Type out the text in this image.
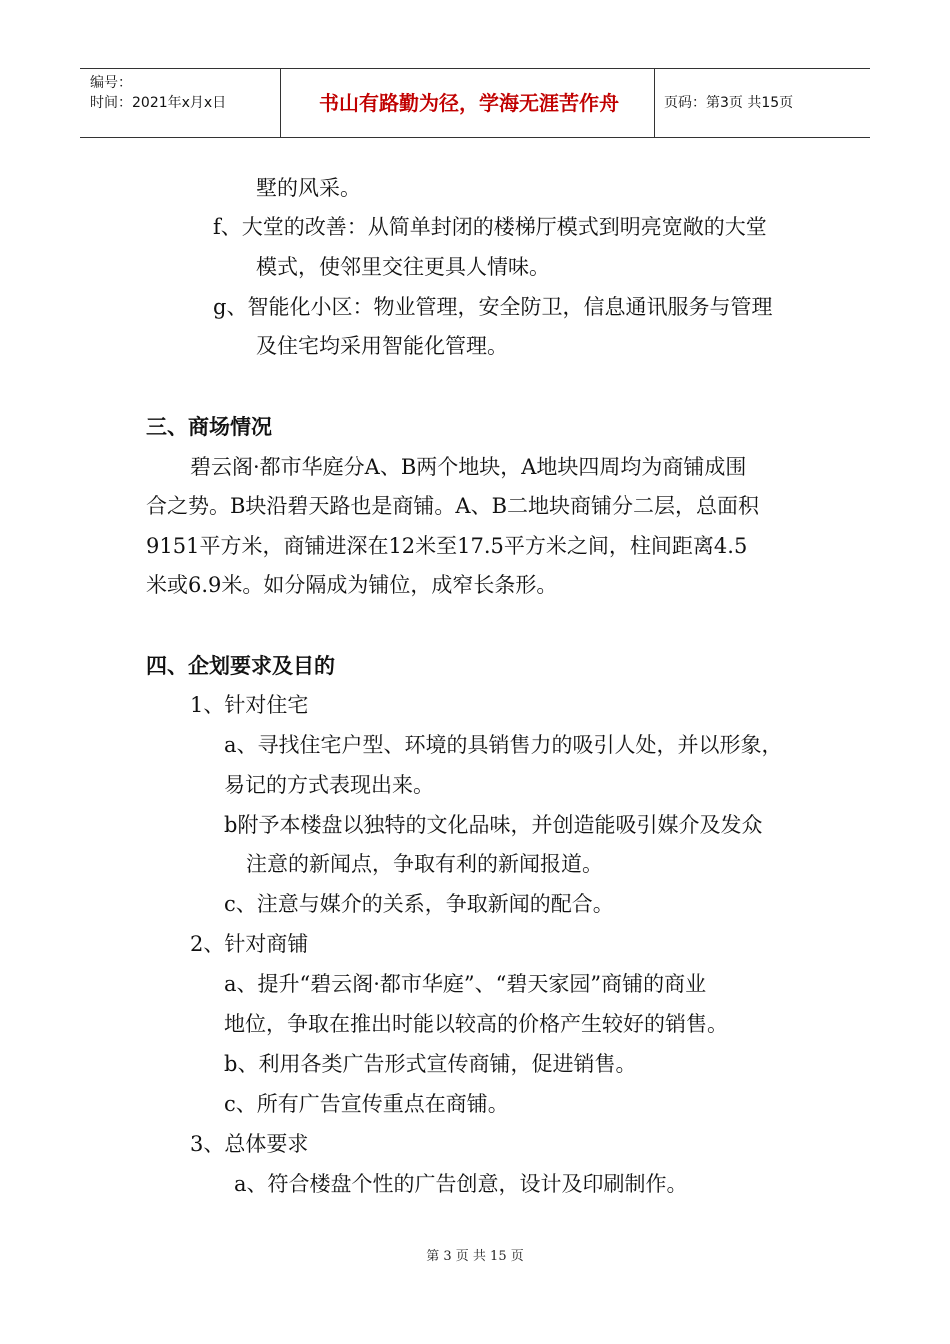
编号：
时间：2021年x月x日	书山有路勤为径，学海无涯苦作舟	页码：第3页 共15页
墅的风采。
f、大堂的改善：从简单封闭的楼梯厅模式到明亮宽敞的大堂
模式，使邻里交往更具人情味。
g、智能化小区：物业管理，安全防卫，信息通讯服务与管理
及住宅均采用智能化管理。
三、商场情况
碧云阁·都市华庭分A、B两个地块，A地块四周均为商铺成围
合之势。B块沿碧天路也是商铺。A、B二地块商铺分二层，总面积
9151平方米，商铺进深在12米至17.5平方米之间，柱间距离4.5
米或6.9米。如分隔成为铺位，成窄长条形。
四、企划要求及目的
1、针对住宅
a、寻找住宅户型、环境的具销售力的吸引人处，并以形象，
易记的方式表现出来。
b附予本楼盘以独特的文化品味，并创造能吸引媒介及发众
注意的新闻点，争取有利的新闻报道。
c、注意与媒介的关系，争取新闻的配合。
2、针对商铺
a、提升“碧云阁·都市华庭”、“碧天家园”商铺的商业
地位，争取在推出时能以较高的价格产生较好的销售。
b、利用各类广告形式宣传商铺，促进销售。
c、所有广告宣传重点在商铺。
3、总体要求
a、符合楼盘个性的广告创意，设计及印刷制作。
第 3 页 共 15 页
